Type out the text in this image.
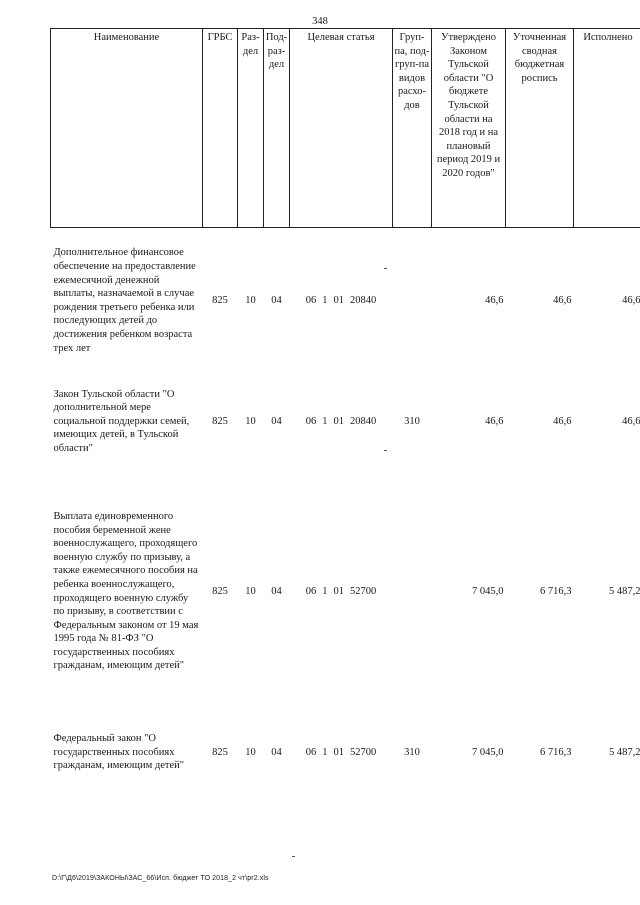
348
Наименование	ГРБС	Раз-дел	Под-раз-дел	Целевая статья	Груп-па, под-груп-па видов расхо-дов	Утверждено Законом Тульской области "О бюджете Тульской области на 2018 год и на плановый период 2019 и 2020 годов"	Уточненная сводная бюджетная роспись	Исполнено
Дополнительное финансовое обеспечение на предоставление ежемесячной денежной выплаты, назначаемой в случае рождения третьего ребенка или последующих детей до достижения ребенком возраста трех лет	825	10	04	06 1 01 20840		46,6	46,6	46,6
Закон Тульской области "О дополнительной мере социальной поддержки семей, имеющих детей, в Тульской области"	825	10	04	06 1 01 20840	310	46,6	46,6	46,6
Выплата единовременного пособия беременной жене военнослужащего, проходящего военную службу по призыву, а также ежемесячного пособия на ребенка военнослужащего, проходящего военную службу по призыву, в соответствии с Федеральным законом от 19 мая 1995 года № 81-ФЗ "О государственных пособиях гражданам, имеющим детей"	825	10	04	06 1 01 52700		7 045,0	6 716,3	5 487,2
Федеральный закон "О государственных пособиях гражданам, имеющим детей"	825	10	04	06 1 01 52700	310	7 045,0	6 716,3	5 487,2
D:\Г\Д6\2019\ЗАКОНЫ\ЗАС_66\Исп. бюджет ТО 2018_2 чт\pr2.xls
